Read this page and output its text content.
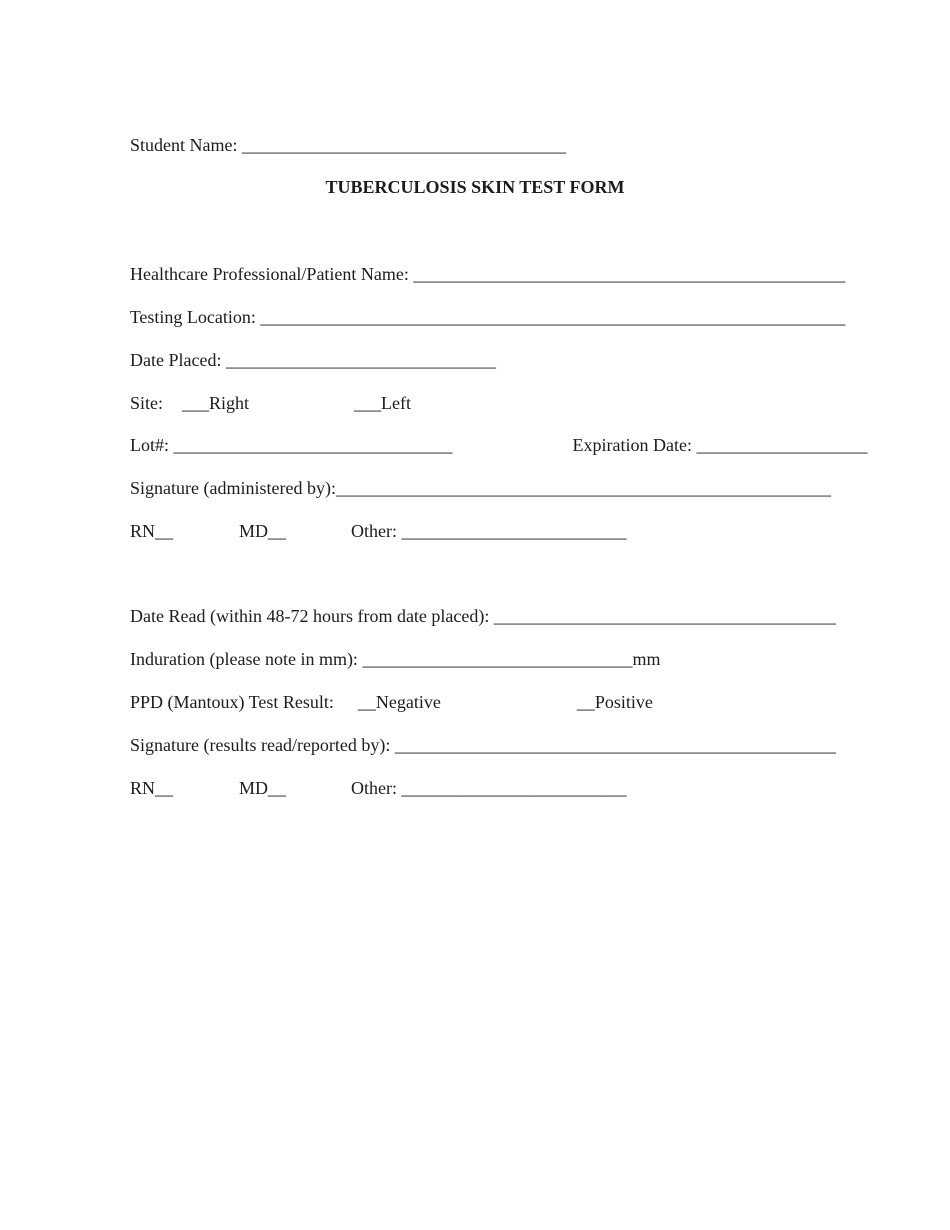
Student Name: ____________________________________

TUBERCULOSIS SKIN TEST FORM

Healthcare Professional/Patient Name: ________________________________________________

Testing Location: _________________________________________________________________

Date Placed: ______________________________

Site: ___Right	___Left

Lot#: _______________________________	Expiration Date: ___________________

Signature (administered by):_______________________________________________________

RN__	MD__	Other: _________________________

Date Read (within 48-72 hours from date placed): ______________________________________

Induration (please note in mm): ______________________________mm

PPD (Mantoux) Test Result: __Negative	__Positive

Signature (results read/reported by): _________________________________________________

RN__	MD__	Other: _________________________
